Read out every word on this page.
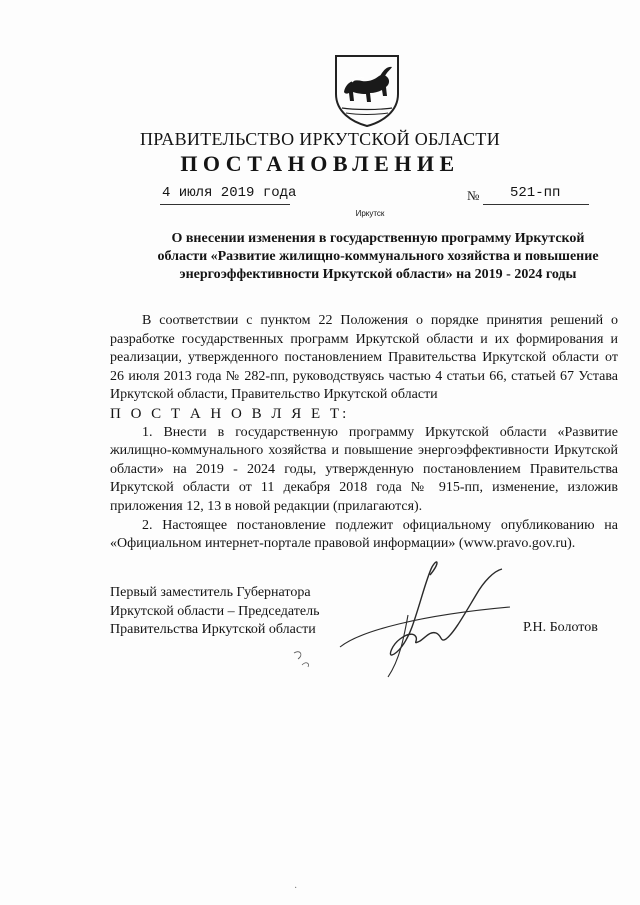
ПРАВИТЕЛЬСТВО ИРКУТСКОЙ ОБЛАСТИ
ПОСТАНОВЛЕНИЕ
4 июля 2019 года	№ 521-пп
Иркутск
О внесении изменения в государственную программу Иркутской
области «Развитие жилищно-коммунального хозяйства и повышение
энергоэффективности Иркутской области» на 2019 - 2024 годы

В соответствии с пунктом 22 Положения о порядке принятия решений о разработке государственных программ Иркутской области и их формирования и реализации, утвержденного постановлением Правительства Иркутской области от 26 июля 2013 года № 282-пп, руководствуясь частью 4 статьи 66, статьей 67 Устава Иркутской области, Правительство Иркутской области

П О С Т А Н О В Л Я Е Т:

1. Внести в государственную программу Иркутской области «Развитие жилищно-коммунального хозяйства и повышение энергоэффективности Иркутской области» на 2019 - 2024 годы, утвержденную постановлением Правительства Иркутской области от 11 декабря 2018 года № 915-пп, изменение, изложив приложения 12, 13 в новой редакции (прилагаются).

2. Настоящее постановление подлежит официальному опубликованию на «Официальном интернет-портале правовой информации» (www.pravo.gov.ru).

Первый заместитель Губернатора
Иркутской области – Председатель
Правительства Иркутской области	Р.Н. Болотов
·
